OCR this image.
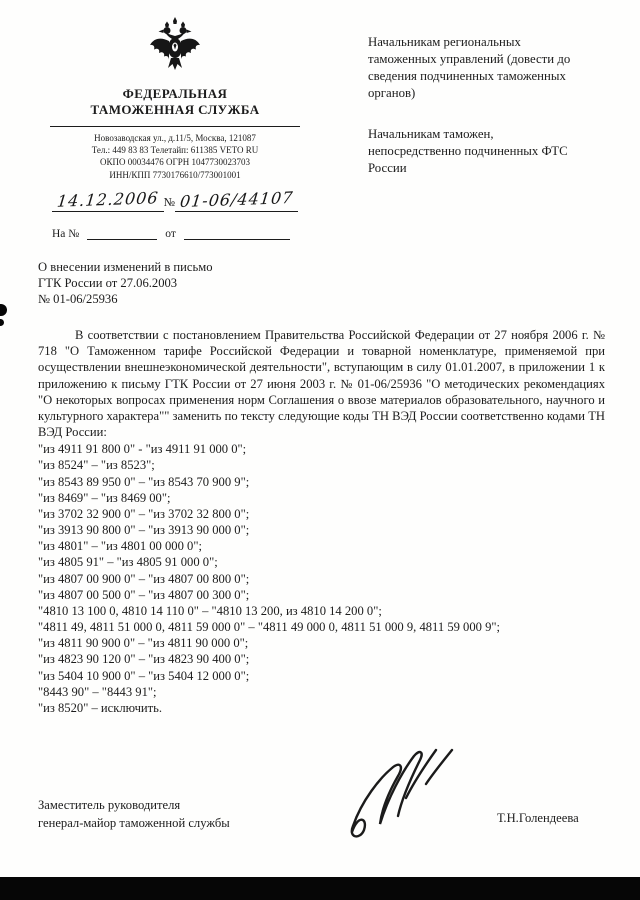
ФЕДЕРАЛЬНАЯ
ТАМОЖЕННАЯ СЛУЖБА
Новозаводская ул., д.11/5, Москва, 121087
Тел.: 449 83 83 Телетайп: 611385 VETO RU
ОКПО 00034476 ОГРН 1047730023703
ИНН/КПП 7730176610/773001001
14.12.2006 № 01-06/44107
На №	от

Начальникам региональных таможенных управлений (довести до сведения подчиненных таможенных органов)

Начальникам таможен, непосредственно подчиненных ФТС России

О внесении изменений в письмо
ГТК России от 27.06.2003
№ 01-06/25936

В соответствии с постановлением Правительства Российской Федерации от 27 ноября 2006 г. № 718 "О Таможенном тарифе Российской Федерации и товарной номенклатуре, применяемой при осуществлении внешнеэкономической деятельности", вступающим в силу 01.01.2007, в приложении 1 к приложению к письму ГТК России от 27 июня 2003 г. № 01-06/25936 "О методических рекомендациях "О некоторых вопросах применения норм Соглашения о ввозе материалов образовательного, научного и культурного характера"" заменить по тексту следующие коды ТН ВЭД России соответственно кодами ТН ВЭД России:

"из 4911 91 800 0" - "из 4911 91 000 0";
"из 8524" – "из 8523";
"из 8543 89 950 0" – "из 8543 70 900 9";
"из 8469" – "из 8469 00";
"из 3702 32 900 0" – "из 3702 32 800 0";
"из 3913 90 800 0" – "из 3913 90 000 0";
"из 4801" – "из 4801 00 000 0";
"из 4805 91" – "из 4805 91 000 0";
"из 4807 00 900 0" – "из 4807 00 800 0";
"из 4807 00 500 0" – "из 4807 00 300 0";
"4810 13 100 0, 4810 14 110 0" – "4810 13 200, из 4810 14 200 0";
"4811 49, 4811 51 000 0, 4811 59 000 0" – "4811 49 000 0, 4811 51 000 9, 4811 59 000 9";
"из 4811 90 900 0" – "из 4811 90 000 0";
"из 4823 90 120 0" – "из 4823 90 400 0";
"из 5404 10 900 0" – "из 5404 12 000 0";
"8443 90" – "8443 91";
"из 8520" – исключить.
Заместитель руководителя
генерал-майор таможенной службы	Т.Н.Голендеева
